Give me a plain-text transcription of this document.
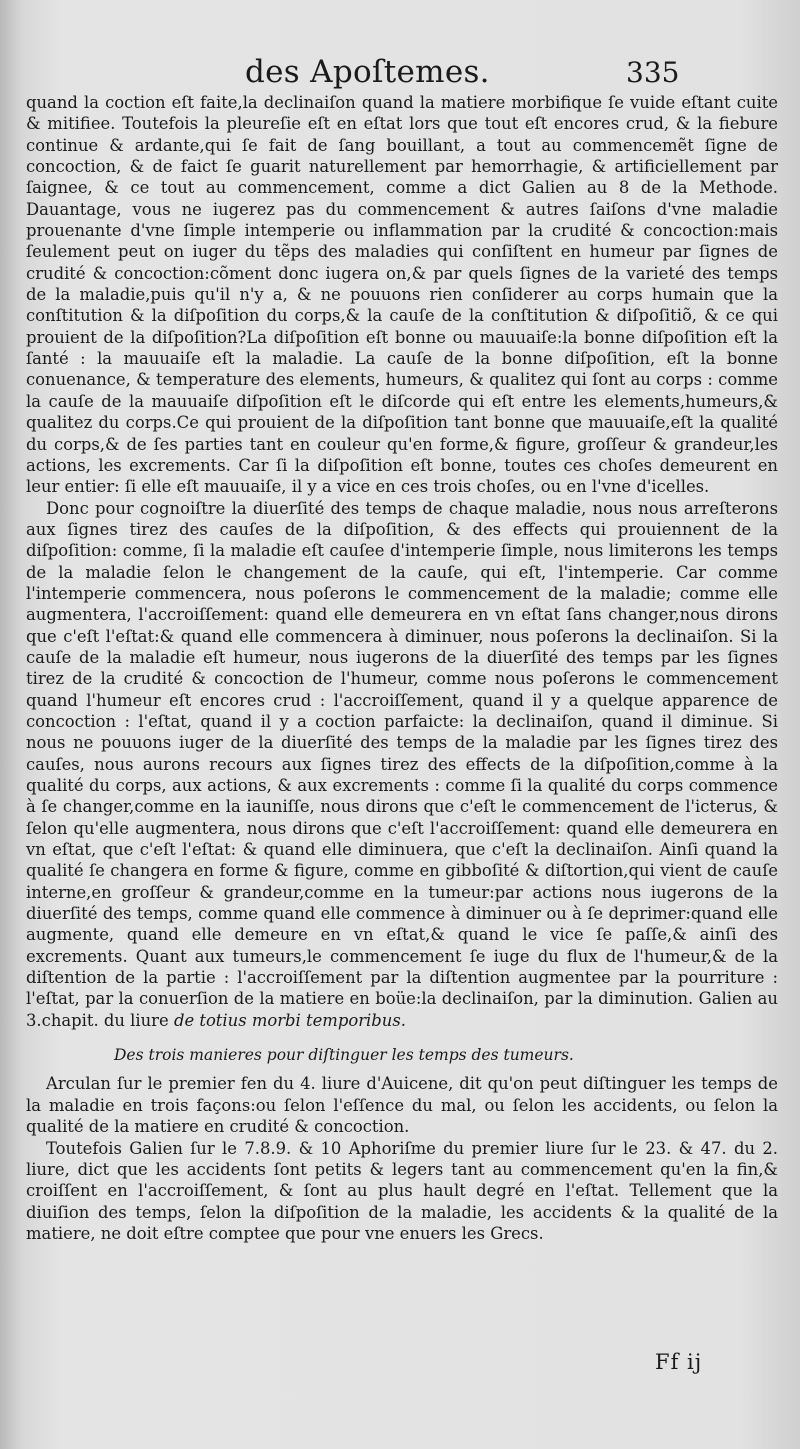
des Apoſtemes.	335

quand la coction eſt faite,la declinaiſon quand la matiere morbifique ſe vuide eſtant cuite & mitifiee. Toutefois la pleureſie eſt en eſtat lors que tout eſt encores crud, & la fiebure continue & ardante,qui ſe fait de ſang bouillant, a tout au commencemẽt ſigne de concoction, & de faict ſe guarit naturellement par hemorrhagie, & artificiellement par ſaignee, & ce tout au commencement, comme a dict Galien au 8 de la Methode. Dauantage, vous ne iugerez pas du commencement & autres ſaiſons d'vne maladie prouenante d'vne ſimple intemperie ou inflammation par la crudité & concoction:mais ſeulement peut on iuger du tẽps des maladies qui conſiſtent en humeur par ſignes de crudité & concoction:cõment donc iugera on,& par quels ſignes de la varieté des temps de la maladie,puis qu'il n'y a, & ne pouuons rien conſiderer au corps humain que la conſtitution & la diſpoſition du corps,& la cauſe de la conſtitution & diſpoſitiõ, & ce qui prouient de la diſpoſition?La diſpoſition eſt bonne ou mauuaiſe:la bonne diſpoſition eſt la ſanté : la mauuaiſe eſt la maladie. La cauſe de la bonne diſpoſition, eſt la bonne conuenance, & temperature des elements, humeurs, & qualitez qui ſont au corps : comme la cauſe de la mauuaiſe diſpoſition eſt le diſcorde qui eſt entre les elements,humeurs,& qualitez du corps.Ce qui prouient de la diſpoſition tant bonne que mauuaiſe,eſt la qualité du corps,& de ſes parties tant en couleur qu'en forme,& figure, groſſeur & grandeur,les actions, les excrements. Car ſi la diſpoſition eſt bonne, toutes ces choſes demeurent en leur entier: ſi elle eſt mauuaiſe, il y a vice en ces trois choſes, ou en l'vne d'icelles.

Donc pour cognoiſtre la diuerſité des temps de chaque maladie, nous nous arreſterons aux ſignes tirez des cauſes de la diſpoſition, & des effects qui prouiennent de la diſpoſition: comme, ſi la maladie eſt cauſee d'intemperie ſimple, nous limiterons les temps de la maladie ſelon le changement de la cauſe, qui eſt, l'intemperie. Car comme l'intemperie commencera, nous poſerons le commencement de la maladie; comme elle augmentera, l'accroiſſement: quand elle demeurera en vn eſtat ſans changer,nous dirons que c'eſt l'eſtat:& quand elle commencera à diminuer, nous poſerons la declinaiſon. Si la cauſe de la maladie eſt humeur, nous iugerons de la diuerſité des temps par les ſignes tirez de la crudité & concoction de l'humeur, comme nous poſerons le commencement quand l'humeur eſt encores crud : l'accroiſſement, quand il y a quelque apparence de concoction : l'eſtat, quand il y a coction parfaicte: la declinaiſon, quand il diminue. Si nous ne pouuons iuger de la diuerſité des temps de la maladie par les ſignes tirez des cauſes, nous aurons recours aux ſignes tirez des effects de la diſpoſition,comme à la qualité du corps, aux actions, & aux excrements : comme ſi la qualité du corps commence à ſe changer,comme en la iauniſſe, nous dirons que c'eſt le commencement de l'icterus, & ſelon qu'elle augmentera, nous dirons que c'eſt l'accroiſſement: quand elle demeurera en vn eſtat, que c'eſt l'eſtat: & quand elle diminuera, que c'eſt la declinaiſon. Ainſi quand la qualité ſe changera en forme & figure, comme en gibboſité & diſtortion,qui vient de cauſe interne,en groſſeur & grandeur,comme en la tumeur:par actions nous iugerons de la diuerſité des temps, comme quand elle commence à diminuer ou à ſe deprimer:quand elle augmente, quand elle demeure en vn eſtat,& quand le vice ſe paſſe,& ainſi des excrements. Quant aux tumeurs,le commencement ſe iuge du flux de l'humeur,& de la diſtention de la partie : l'accroiſſement par la diſtention augmentee par la pourriture : l'eſtat, par la conuerſion de la matiere en boüe:la declinaiſon, par la diminution. Galien au 3.chapit. du liure de totius morbi temporibus.

Des trois manieres pour diſtinguer les temps des tumeurs.

Arculan ſur le premier fen du 4. liure d'Auicene, dit qu'on peut diſtinguer les temps de la maladie en trois façons:ou ſelon l'eſſence du mal, ou ſelon les accidents, ou ſelon la qualité de la matiere en crudité & concoction.

Toutefois Galien ſur le 7.8.9. & 10 Aphoriſme du premier liure ſur le 23. & 47. du 2. liure, dict que les accidents ſont petits & legers tant au commencement qu'en la fin,& croiſſent en l'accroiſſement, & ſont au plus hault degré en l'eſtat. Tellement que la diuiſion des temps, ſelon la diſpoſition de la maladie, les accidents & la qualité de la matiere, ne doit eſtre comptee que pour vne enuers les Grecs.

Ff ij
